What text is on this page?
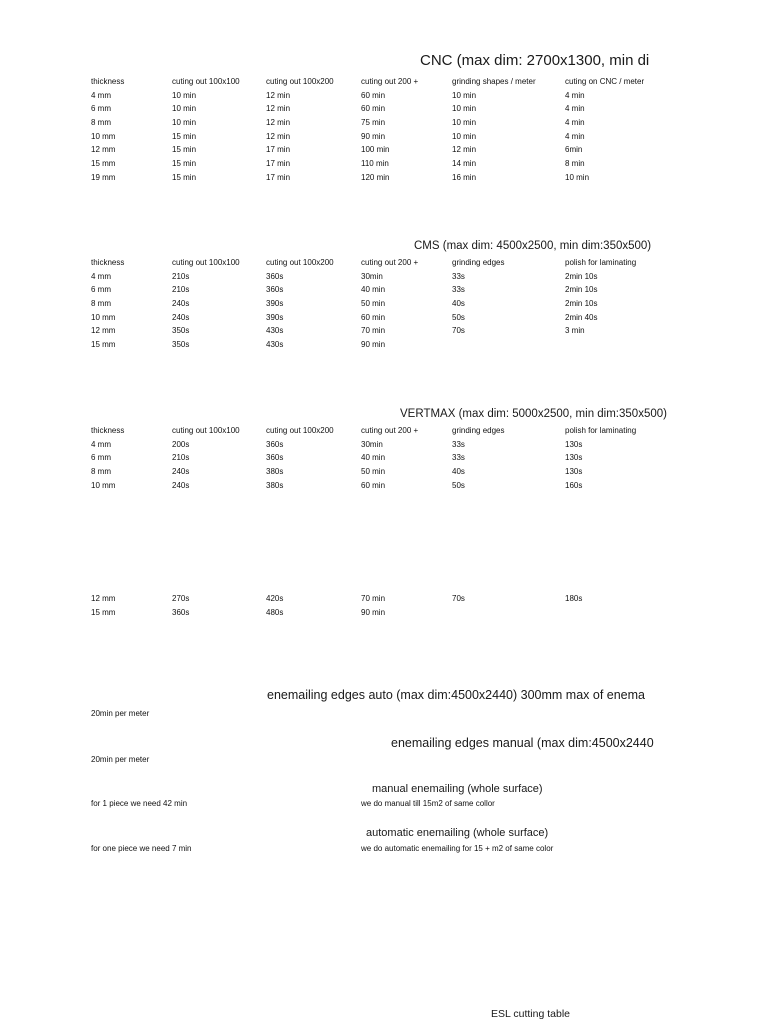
CNC (max dim: 2700x1300, min di
thickness	cuting out 100x100	cuting out 100x200	cuting out 200 +	grinding shapes / meter	cuting on CNC / meter
4 mm	10 min	12 min	60 min	10 min	4 min
6 mm	10 min	12 min	60 min	10 min	4 min
8 mm	10 min	12 min	75 min	10 min	4 min
10 mm	15 min	12 min	90 min	10 min	4 min
12 mm	15 min	17 min	100 min	12 min	6min
15 mm	15 min	17 min	110 min	14 min	8 min
19 mm	15 min	17 min	120 min	16 min	10 min
CMS (max dim: 4500x2500, min dim:350x500)
thickness	cuting out 100x100	cuting out 100x200	cuting out 200 +	grinding edges	polish for laminating
4 mm	210s	360s	30min	33s	2min 10s
6 mm	210s	360s	40 min	33s	2min 10s
8 mm	240s	390s	50 min	40s	2min 10s
10 mm	240s	390s	60 min	50s	2min 40s
12 mm	350s	430s	70 min	70s	3 min
15 mm	350s	430s	90 min
VERTMAX (max dim: 5000x2500, min dim:350x500)
thickness	cuting out 100x100	cuting out 100x200	cuting out 200 +	grinding edges	polish for laminating
4 mm	200s	360s	30min	33s	130s
6 mm	210s	360s	40 min	33s	130s
8 mm	240s	380s	50 min	40s	130s
10 mm	240s	380s	60 min	50s	160s
12 mm	270s	420s	70 min	70s	180s
15 mm	360s	480s	90 min
enemailing edges auto (max dim:4500x2440) 300mm max of enema
20min per meter
enemailing edges manual (max dim:4500x2440
20min per meter
manual enemailing (whole surface)
for 1 piece we need 42 min	we do manual till 15m2 of same collor
automatic enemailing (whole surface)
for one piece we need 7 min	we do automatic enemailing for 15 + m2 of same color
ESL cutting table
